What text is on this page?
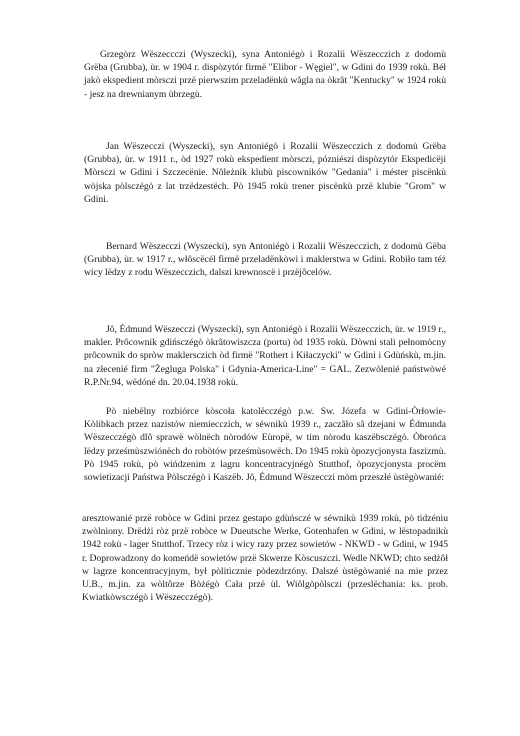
Grzegòrz Wëszeccczi (Wyszecki), syna Antoniégò i Rozalii Wëszecczich z dodomù Grëba (Grubba), ùr. w 1904 r. dispòzytór firmë "Elibor - Węgiel", w Gdini do 1939 rokù. Béł jakò ekspedient mòrsczi przë pierwszim przeladënkù wãgla na òkrãt "Kentucky" w 1924 rokù - jesz na drewnianym ùbrzegù.

Jan Wëszecczi (Wyszecki), syn Antoniégò i Rozalii Wëszecczich z dodomù Grëba (Grubba), ùr. w 1911 r., òd 1927 rokù ekspedient mòrsczi, pózniészi dispòzytór Ekspedicëji Mòrsczi w Gdini i Szczecënie. Nôleżnik klubù piscowników "Gedania" i méster piscënkù wòjska pòlsczégò z lat trzëdzestëch. Pò 1945 rokù trener piscënkù przë klubie "Grom" w Gdini.

Bernard Wëszecczi (Wyszecki), syn Antoniégò i Rozalii Wëszecczich, z dodomù Gëba (Grubba), ùr. w 1917 r., włôscëcél firmë przeladënkòwi i maklerstwa w Gdini. Robiło tam téż wicy lëdzy z rodu Wëszecczich, dalszi krewnoscë i przëjôcelów.

Jô, Édmund Wëszecczi (Wyszecki), syn Antoniégò i Rozalii Wëszecczich, ùr. w 1919 r., makler. Prôcownik gdińsczégò òkrãtowiszcza (portu) òd 1935 rokù. Dòwni stali pełnomòcny prôcownik do spròw maklersczich òd firmë "Rothert i Kiłaczycki" w Gdini i Gdùńskù, m.jin. na złecenié firm "Żegluga Polska" i Gdynia-America-Line" = GAL. Zezwòlenié państwòwé R.P.Nr.94, wëdóné dn. 20.04.1938 rokù.

Pò niebëlny rozbiórce kòscoła katolëcczégò p.w. Sw. Józefa w Gdini-Òrłowie-Kòlibkach przez nazistów niemiecczich, w séwnikù 1939 r., zaczãło sã dzejani w Édmunda Wëszecczégò dlô sprawë wòlnëch nòrodów Eùropë, w tim nòrodu kaszëbsczégò. Òbrońca lëdzy prześmùszwiónëch do robòtów prześmùsowëch. Do 1945 rokù òpozycjonysta faszizmù. Pò 1945 rokù, pò wińdzenim z lagru koncentracyjnégò Stutthof, òpozycjonysta procëm sowietizacji Państwa Pòlsczégò i Kaszëb. Jô, Édmund Wëszecczi mòm przeszłé ùstëgòwanié:

aresztowanié przë robòce w Gdini przez gestapo gdùńsczé w séwnikù 1939 rokù, pò tidzéniu zwòlniony. Drëdżi ròz przë robòce w Dueutsche Werke, Gotenhafen w Gdini, w lëstopadnikù 1942 rokù - lager Stutthof. Trzecy ròz i wicy razy przez sowietów - NKWD - w Gdini, w 1945 r. Doprowadzony do komeńdë sowietów przë Skwerze Kòscuszczi. Wedle NKWD; chto sedżôł w lagrze koncentracyjnym, był pòlitìcznie pòdezdrzóny. Dalszé ùstëgòwanié na mie przez U.B., m.jin. za wòltôrze Bòżégò Całа przë ùl. Wiôlgòpòlsczi (przeslëchania: ks. prob. Kwiatkòwsczégò i Wëszecczégò).
